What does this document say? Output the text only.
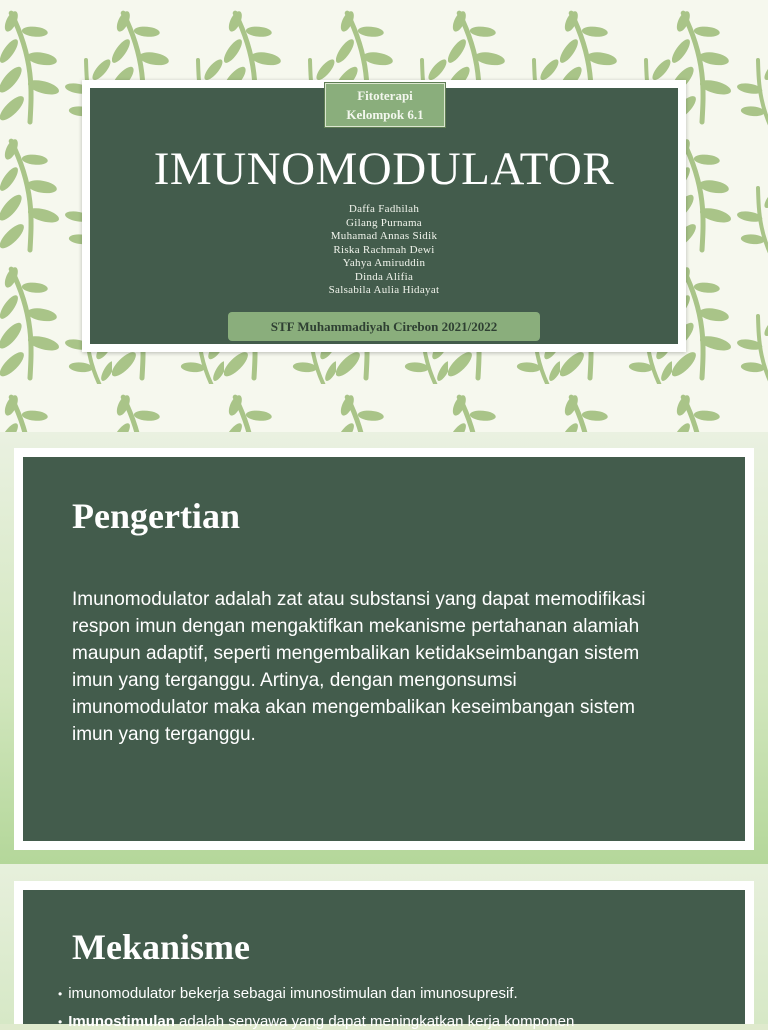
Fitoterapi
Kelompok 6.1
IMUNOMODULATOR
Daffa Fadhilah
Gilang Purnama
Muhamad Annas Sidik
Riska Rachmah Dewi
Yahya Amiruddin
Dinda Alifia
Salsabila Aulia Hidayat
STF Muhammadiyah Cirebon 2021/2022
Pengertian
Imunomodulator adalah zat atau substansi yang dapat memodifikasi
respon imun dengan mengaktifkan mekanisme pertahanan alamiah
maupun adaptif, seperti mengembalikan ketidakseimbangan sistem
imun yang terganggu. Artinya, dengan mengonsumsi
imunomodulator maka akan mengembalikan keseimbangan sistem
imun yang terganggu.
Mekanisme
• imunomodulator bekerja sebagai imunostimulan dan imunosupresif.
• Imunostimulan adalah senyawa yang dapat meningkatkan kerja komponen
